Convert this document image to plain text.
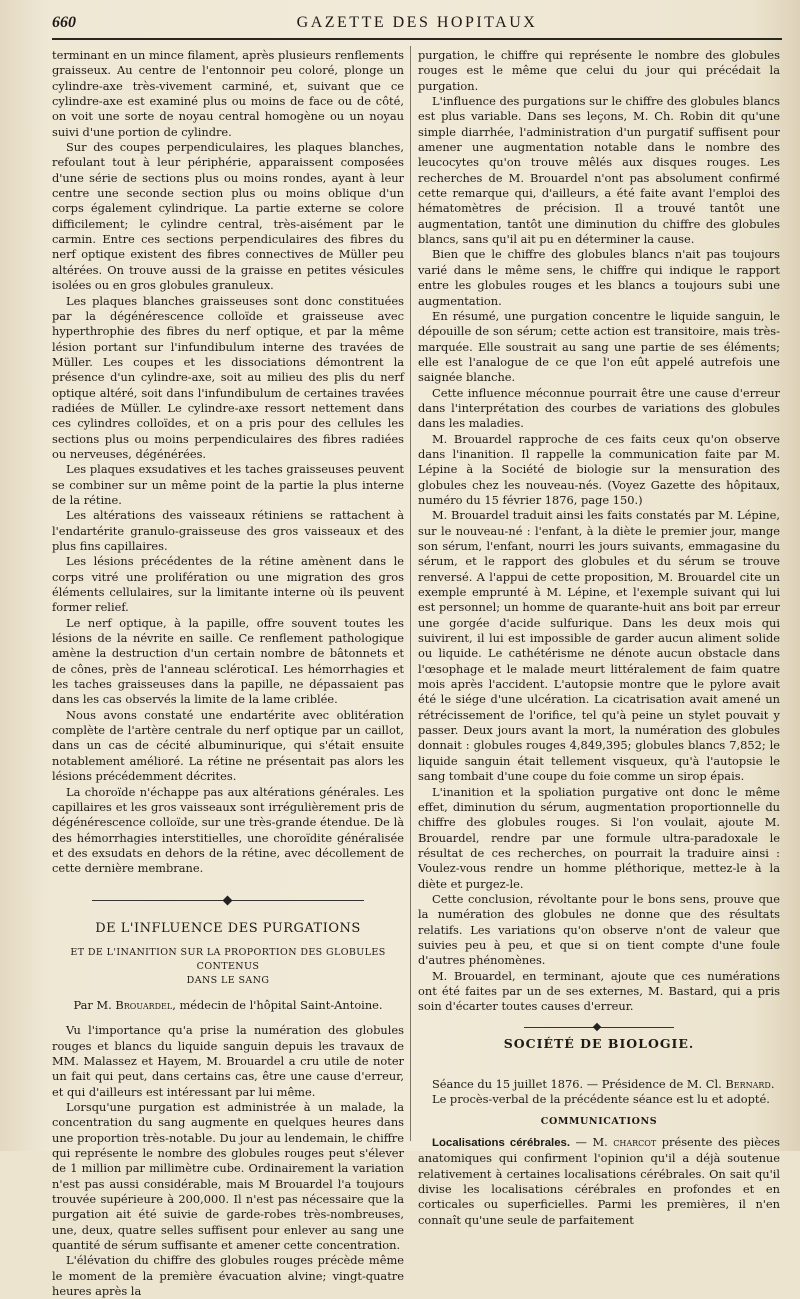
660	GAZETTE DES HOPITAUX

terminant en un mince filament, après plusieurs renflements graisseux. Au centre de l'entonnoir peu coloré, plonge un cylindre-axe très-vivement carminé, et, suivant que ce cylindre-axe est examiné plus ou moins de face ou de côté, on voit une sorte de noyau central homogène ou un noyau suivi d'une portion de cylindre.

Sur des coupes perpendiculaires, les plaques blanches, refoulant tout à leur périphérie, apparaissent composées d'une série de sections plus ou moins rondes, ayant à leur centre une seconde section plus ou moins oblique d'un corps également cylindrique. La partie externe se colore difficilement; le cylindre central, très-aisément par le carmin. Entre ces sections perpendiculaires des fibres du nerf optique existent des fibres connectives de Müller peu altérées. On trouve aussi de la graisse en petites vésicules isolées ou en gros globules granuleux.

Les plaques blanches graisseuses sont donc constituées par la dégénérescence colloïde et graisseuse avec hyperthrophie des fibres du nerf optique, et par la même lésion portant sur l'infundibulum interne des travées de Müller. Les coupes et les dissociations démontrent la présence d'un cylindre-axe, soit au milieu des plis du nerf optique altéré, soit dans l'infundibulum de certaines travées radiées de Müller. Le cylindre-axe ressort nettement dans ces cylindres colloïdes, et on a pris pour des cellules les sections plus ou moins perpendiculaires des fibres radiées ou nerveuses, dégénérées.

Les plaques exsudatives et les taches graisseuses peuvent se combiner sur un même point de la partie la plus interne de la rétine.

Les altérations des vaisseaux rétiniens se rattachent à l'endartérite granulo-graisseuse des gros vaisseaux et des plus fins capillaires.

Les lésions précédentes de la rétine amènent dans le corps vitré une prolifération ou une migration des gros éléments cellulaires, sur la limitante interne où ils peuvent former relief.

Le nerf optique, à la papille, offre souvent toutes les lésions de la névrite en saille. Ce renflement pathologique amène la destruction d'un certain nombre de bâtonnets et de cônes, près de l'anneau scléroticaI. Les hémorrhagies et les taches graisseuses dans la papille, ne dépassaient pas dans les cas observés la limite de la lame criblée.

Nous avons constaté une endartérite avec oblitération complète de l'artère centrale du nerf optique par un caillot, dans un cas de cécité albuminurique, qui s'était ensuite notablement amélioré. La rétine ne présentait pas alors les lésions précédemment décrites.

La choroïde n'échappe pas aux altérations générales. Les capillaires et les gros vaisseaux sont irrégulièrement pris de dégénérescence colloïde, sur une très-grande étendue. De là des hémorrhagies interstitielles, une choroïdite généralisée et des exsudats en dehors de la rétine, avec décollement de cette dernière membrane.

DE L'INFLUENCE DES PURGATIONS
ET DE L'INANITION SUR LA PROPORTION DES GLOBULES CONTENUS
DANS LE SANG
Par M. Brouardel, médecin de l'hôpital Saint-Antoine.

Vu l'importance qu'a prise la numération des globules rouges et blancs du liquide sanguin depuis les travaux de MM. Malassez et Hayem, M. Brouardel a cru utile de noter un fait qui peut, dans certains cas, être une cause d'erreur, et qui d'ailleurs est intéressant par lui même.

Lorsqu'une purgation est administrée à un malade, la concentration du sang augmente en quelques heures dans une proportion très-notable. Du jour au lendemain, le chiffre qui représente le nombre des globules rouges peut s'élever de 1 million par millimètre cube. Ordinairement la variation n'est pas aussi considérable, mais M Brouardel l'a toujours trouvée supérieure à 200,000. Il n'est pas nécessaire que la purgation ait été suivie de garde-robes très-nombreuses, une, deux, quatre selles suffisent pour enlever au sang une quantité de sérum suffisante et amener cette concentration.

L'élévation du chiffre des globules rouges précède même le moment de la première évacuation alvine; vingt-quatre heures après la

purgation, le chiffre qui représente le nombre des globules rouges est le même que celui du jour qui précédait la purgation.

L'influence des purgations sur le chiffre des globules blancs est plus variable. Dans ses leçons, M. Ch. Robin dit qu'une simple diarrhée, l'administration d'un purgatif suffisent pour amener une augmentation notable dans le nombre des leucocytes qu'on trouve mêlés aux disques rouges. Les recherches de M. Brouardel n'ont pas absolument confirmé cette remarque qui, d'ailleurs, a été faite avant l'emploi des hématomètres de précision. Il a trouvé tantôt une augmentation, tantôt une diminution du chiffre des globules blancs, sans qu'il ait pu en déterminer la cause.

Bien que le chiffre des globules blancs n'ait pas toujours varié dans le même sens, le chiffre qui indique le rapport entre les globules rouges et les blancs a toujours subi une augmentation.

En résumé, une purgation concentre le liquide sanguin, le dépouille de son sérum; cette action est transitoire, mais très-marquée. Elle soustrait au sang une partie de ses éléments; elle est l'analogue de ce que l'on eût appelé autrefois une saignée blanche.

Cette influence méconnue pourrait être une cause d'erreur dans l'interprétation des courbes de variations des globules dans les maladies.

M. Brouardel rapproche de ces faits ceux qu'on observe dans l'inanition. Il rappelle la communication faite par M. Lépine à la Société de biologie sur la mensuration des globules chez les nouveau-nés. (Voyez Gazette des hôpitaux, numéro du 15 février 1876, page 150.)

M. Brouardel traduit ainsi les faits constatés par M. Lépine, sur le nouveau-né : l'enfant, à la diète le premier jour, mange son sérum, l'enfant, nourri les jours suivants, emmagasine du sérum, et le rapport des globules et du sérum se trouve renversé. A l'appui de cette proposition, M. Brouardel cite un exemple emprunté à M. Lépine, et l'exemple suivant qui lui est personnel; un homme de quarante-huit ans boit par erreur une gorgée d'acide sulfurique. Dans les deux mois qui suivirent, il lui est impossible de garder aucun aliment solide ou liquide. Le cathétérisme ne dénote aucun obstacle dans l'œsophage et le malade meurt littéralement de faim quatre mois après l'accident. L'autopsie montre que le pylore avait été le siége d'une ulcération. La cicatrisation avait amené un rétrécissement de l'orifice, tel qu'à peine un stylet pouvait y passer. Deux jours avant la mort, la numération des globules donnait : globules rouges 4,849,395; globules blancs 7,852; le liquide sanguin était tellement visqueux, qu'à l'autopsie le sang tombait d'une coupe du foie comme un sirop épais.

L'inanition et la spoliation purgative ont donc le même effet, diminution du sérum, augmentation proportionnelle du chiffre des globules rouges. Si l'on voulait, ajoute M. Brouardel, rendre par une formule ultra-paradoxale le résultat de ces recherches, on pourrait la traduire ainsi : Voulez-vous rendre un homme pléthorique, mettez-le à la diète et purgez-le.

Cette conclusion, révoltante pour le bons sens, prouve que la numération des globules ne donne que des résultats relatifs. Les variations qu'on observe n'ont de valeur que suivies peu à peu, et que si on tient compte d'une foule d'autres phénomènes.

M. Brouardel, en terminant, ajoute que ces numérations ont été faites par un de ses externes, M. Bastard, qui a pris soin d'écarter toutes causes d'erreur.

SOCIÉTÉ DE BIOLOGIE.

Séance du 15 juillet 1876. — Présidence de M. Cl. Bernard.

Le procès-verbal de la précédente séance est lu et adopté.

COMMUNICATIONS

Localisations cérébrales. — M. charcot présente des pièces anatomiques qui confirment l'opinion qu'il a déjà soutenue relativement à certaines localisations cérébrales. On sait qu'il divise les localisations cérébrales en profondes et en corticales ou superficielles. Parmi les premières, il n'en connaît qu'une seule de parfaitement
